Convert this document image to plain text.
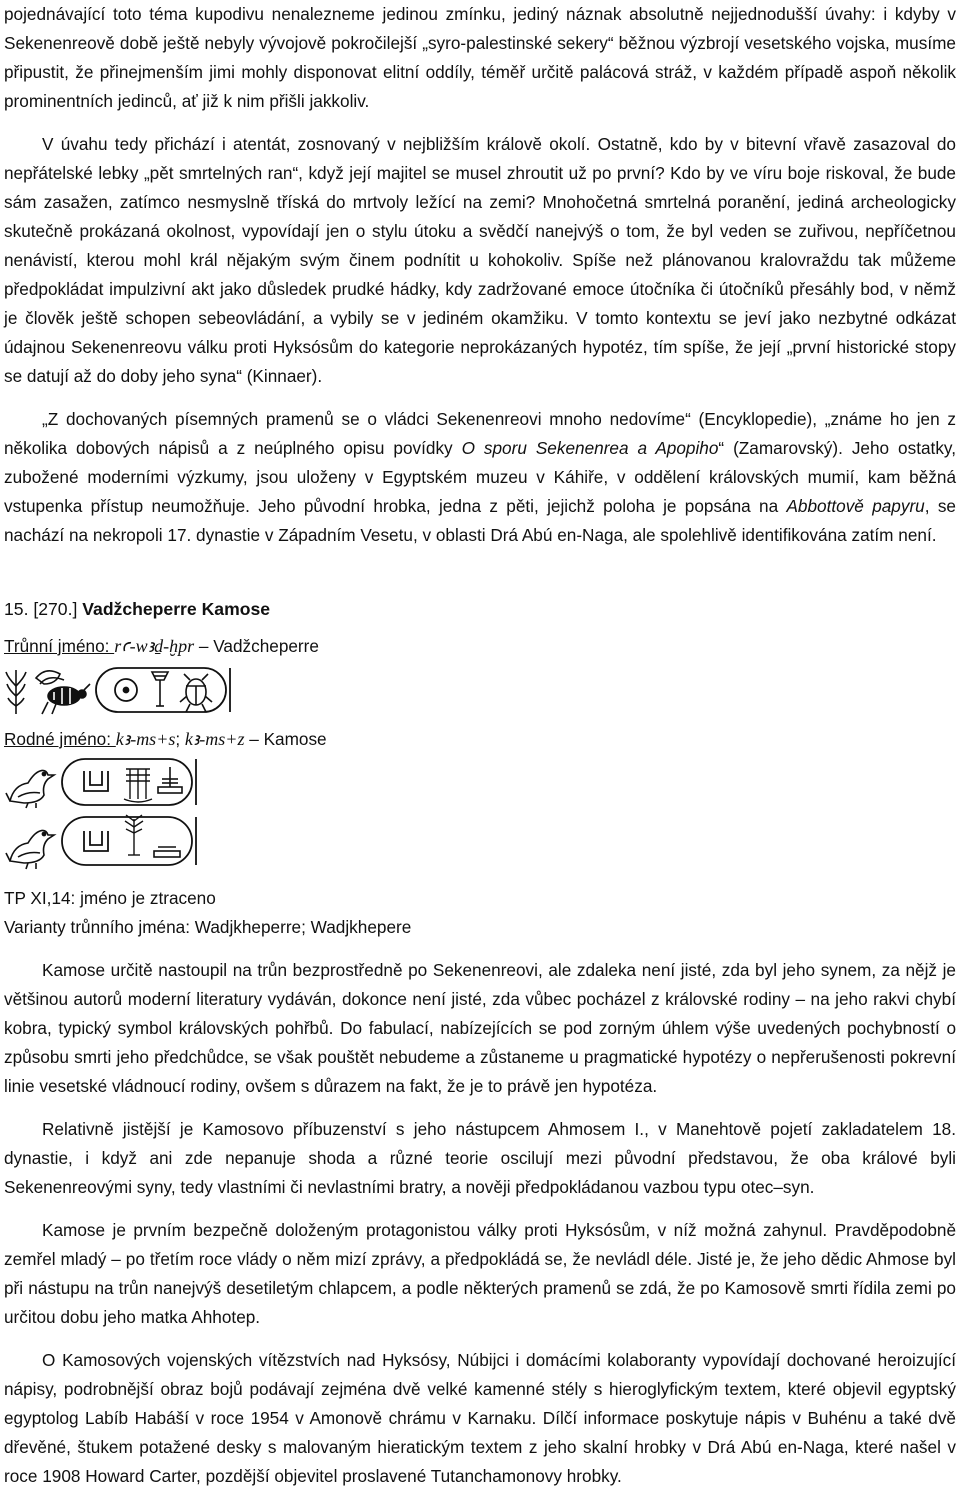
pojednávající toto téma kupodivu nenalezneme jedinou zmínku, jediný náznak absolutně nejjednodušší úvahy: i kdyby v Sekenenreově době ještě nebyly vývojově pokročilejší „syro-palestinské sekery“ běžnou výzbrojí vesetského vojska, musíme připustit, že přinejmenším jimi mohly disponovat elitní oddíly, téměř určitě palácová stráž, v každém případě aspoň několik prominentních jedinců, ať již k nim přišli jakkoliv.

V úvahu tedy přichází i atentát, zosnovaný v nejbližším královĕ okolí. Ostatně, kdo by v bitevní vřavě zasazoval do nepřátelské lebky „pět smrtelných ran“, když její majitel se musel zhroutit už po první? Kdo by ve víru boje riskoval, že bude sám zasažen, zatímco nesmyslně tříská do mrtvoly ležící na zemi? Mnohočetná smrtelná poranění, jediná archeologicky skutečně prokázaná okolnost, vypovídají jen o stylu útoku a svědčí nanejvýš o tom, že byl veden se zuřivou, nepříčetnou nenávistí, kterou mohl král nějakým svým činem podnítit u kohokoliv. Spíše než plánovanou kralovraždu tak můžeme předpokládat impulzivní akt jako důsledek prudké hádky, kdy zadržované emoce útočníka či útočníků přesáhly bod, v němž je člověk ještě schopen sebeovládání, a vybily se v jediném okamžiku. V tomto kontextu se jeví jako nezbytné odkázat údajnou Sekenenreovu válku proti Hyksósům do kategorie neprokázaných hypotéz, tím spíše, že její „první historické stopy se datují až do doby jeho syna“ (Kinnaer).

„Z dochovaných písemných pramenů se o vládci Sekenenreovi mnoho nedovíme“ (Encyklopedie), „známe ho jen z několika dobových nápisů a z neúplného opisu povídky O sporu Sekenenrea a Apopiho“ (Zamarovský). Jeho ostatky, zubožené moderními výzkumy, jsou uloženy v Egyptském muzeu v Káhiře, v oddělení královských mumií, kam běžná vstupenka přístup neumožňuje. Jeho původní hrobka, jedna z pěti, jejichž poloha je popsána na Abbottově papyru, se nachází na nekropoli 17. dynastie v Západním Vesetu, v oblasti Drá Abú en-Naga, ale spolehlivě identifikována zatím není.

15. [270.] Vadžcheperre Kamose
Trůnní jméno: rꜥ-wꜣḏ-ḫpr – Vadžcheperre
Rodné jméno: kꜣ-ms+s; kꜣ-ms+z – Kamose
TP XI,14: jméno je ztraceno
Varianty trůnního jména: Wadjkheperre; Wadjkhepere

Kamose určitě nastoupil na trůn bezprostředně po Sekenenreovi, ale zdaleka není jisté, zda byl jeho synem, za nějž je většinou autorů moderní literatury vydáván, dokonce není jisté, zda vůbec pocházel z královské rodiny – na jeho rakvi chybí kobra, typický symbol královských pohřbů. Do fabulací, nabízejících se pod zorným úhlem výše uvedených pochybností o způsobu smrti jeho předchůdce, se však pouštět nebudeme a zůstaneme u pragmatické hypotézy o nepřerušenosti pokrevní linie vesetské vládnoucí rodiny, ovšem s důrazem na fakt, že je to právě jen hypotéza.

Relativně jistější je Kamosovo příbuzenství s jeho nástupcem Ahmosem I., v Manehtově pojetí zakladatelem 18. dynastie, i když ani zde nepanuje shoda a různé teorie oscilují mezi původní představou, že oba králové byli Sekenenreovými syny, tedy vlastními či nevlastními bratry, a nověji předpokládanou vazbou typu otec–syn.

Kamose je prvním bezpečně doloženým protagonistou války proti Hyksósům, v níž možná zahynul. Pravděpodobně zemřel mladý – po třetím roce vlády o něm mizí zprávy, a předpokládá se, že nevládl déle. Jisté je, že jeho dědic Ahmose byl při nástupu na trůn nanejvýš desetiletým chlapcem, a podle některých pramenů se zdá, že po Kamosově smrti řídila zemi po určitou dobu jeho matka Ahhotep.

O Kamosových vojenských vítězstvích nad Hyksósy, Núbijci i domácími kolaboranty vypovídají dochované heroizující nápisy, podrobnější obraz bojů podávají zejména dvě velké kamenné stély s hieroglyfickým textem, které objevil egyptský egyptolog Labíb Habáší v roce 1954 v Amonově chrámu v Karnaku. Dílčí informace poskytuje nápis v Buhénu a také dvě dřevěné, štukem potažené desky s malovaným hieratickým textem z jeho skalní hrobky v Drá Abú en-Naga, které našel v roce 1908 Howard Carter, pozdější objevitel proslavené Tutanchamonovy hrobky.
